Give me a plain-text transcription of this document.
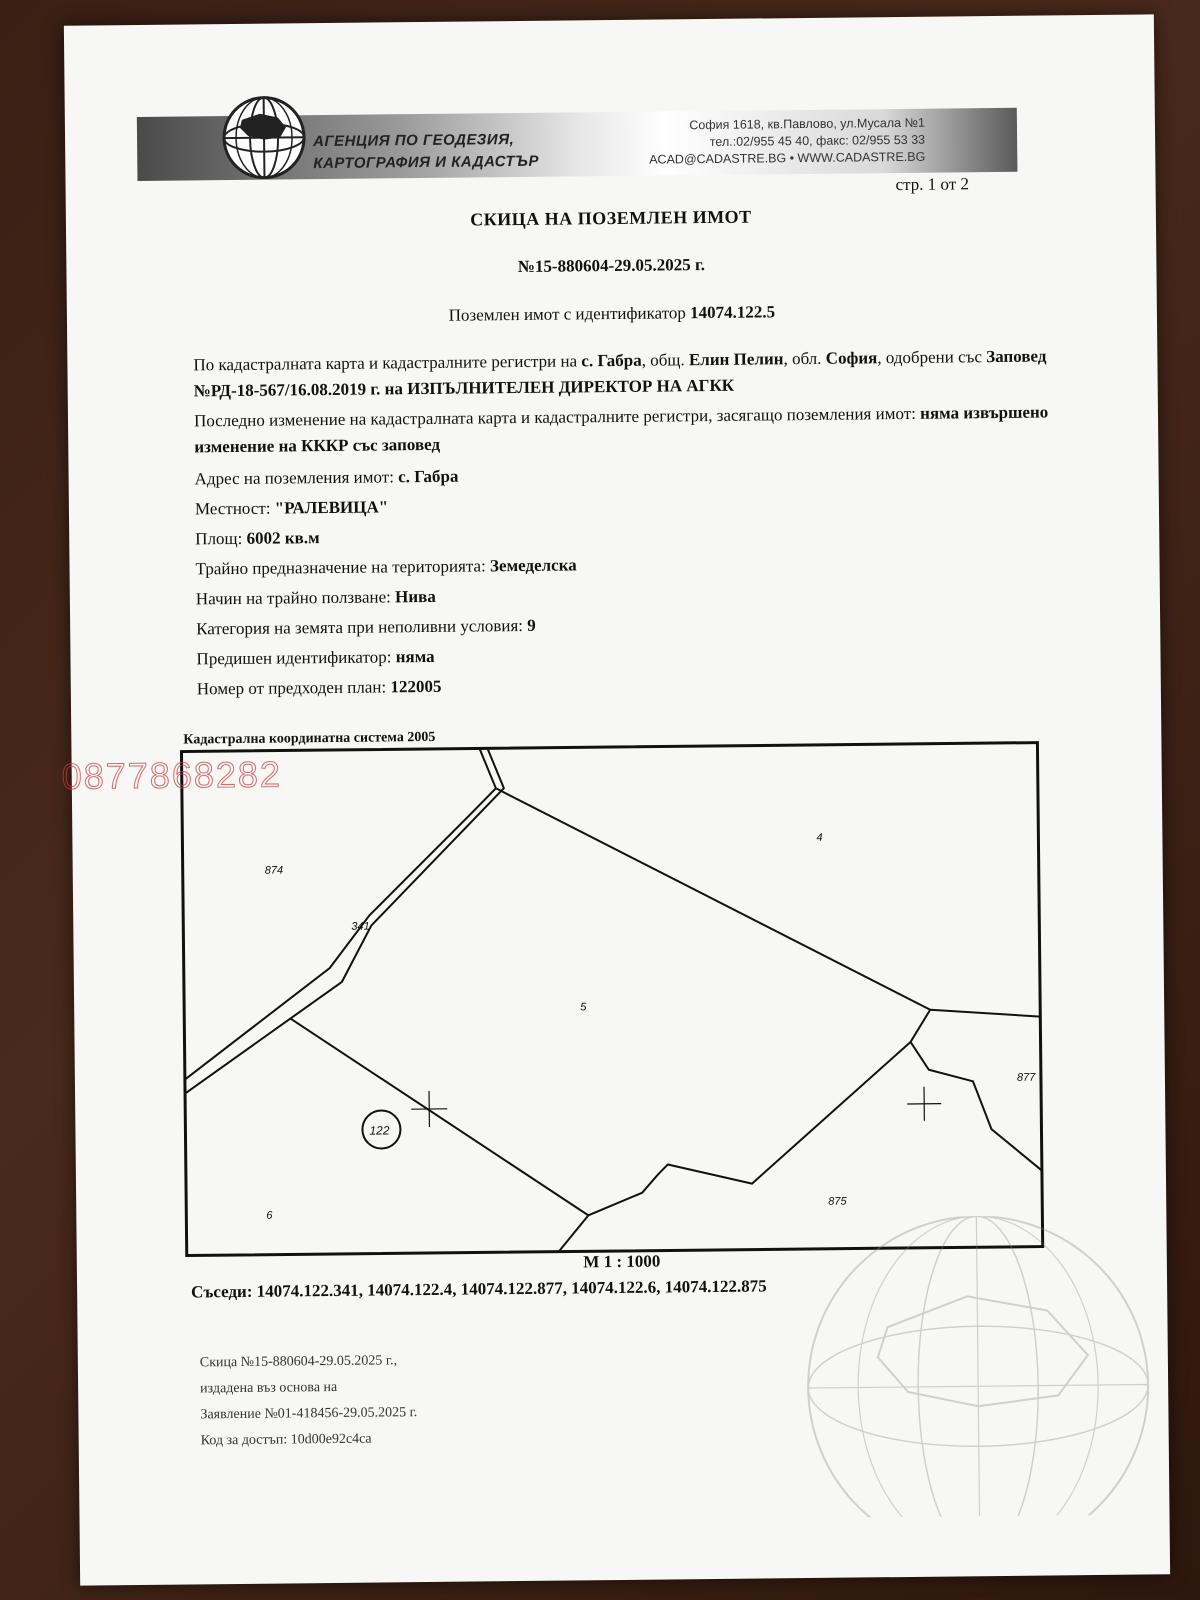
АГЕНЦИЯ ПО ГЕОДЕЗИЯ,
КАРТОГРАФИЯ И КАДАСТЪР
София 1618, кв.Павлово, ул.Мусала №1
тел.:02/955 45 40, факс: 02/955 53 33
ACAD@CADASTRE.BG • WWW.CADASTRE.BG
стр. 1 от 2
СКИЦА НА ПОЗЕМЛЕН ИМОТ
№15-880604-29.05.2025 г.
Поземлен имот с идентификатор 14074.122.5

По кадастралната карта и кадастралните регистри на с. Габра, общ. Елин Пелин, обл. София, одобрени със Заповед №РД-18-567/16.08.2019 г. на ИЗПЪЛНИТЕЛЕН ДИРЕКТОР НА АГКК

Последно изменение на кадастралната карта и кадастралните регистри, засягащо поземления имот: няма извършено изменение на КККР със заповед

Адрес на поземления имот: с. Габра

Местност: "РАЛЕВИЦА"

Площ: 6002 кв.м

Трайно предназначение на територията: Земеделска

Начин на трайно ползване: Нива

Категория на земята при неполивни условия: 9

Предишен идентификатор: няма

Номер от предходен план: 122005

Кадастрална координатна система 2005
874
341
4
5
877
6
875
122
0877868282
М 1 : 1000
Съседи: 14074.122.341, 14074.122.4, 14074.122.877, 14074.122.6, 14074.122.875

Скица №15-880604-29.05.2025 г.,

издадена въз основа на

Заявление №01-418456-29.05.2025 г.

Код за достъп: 10d00e92c4ca
